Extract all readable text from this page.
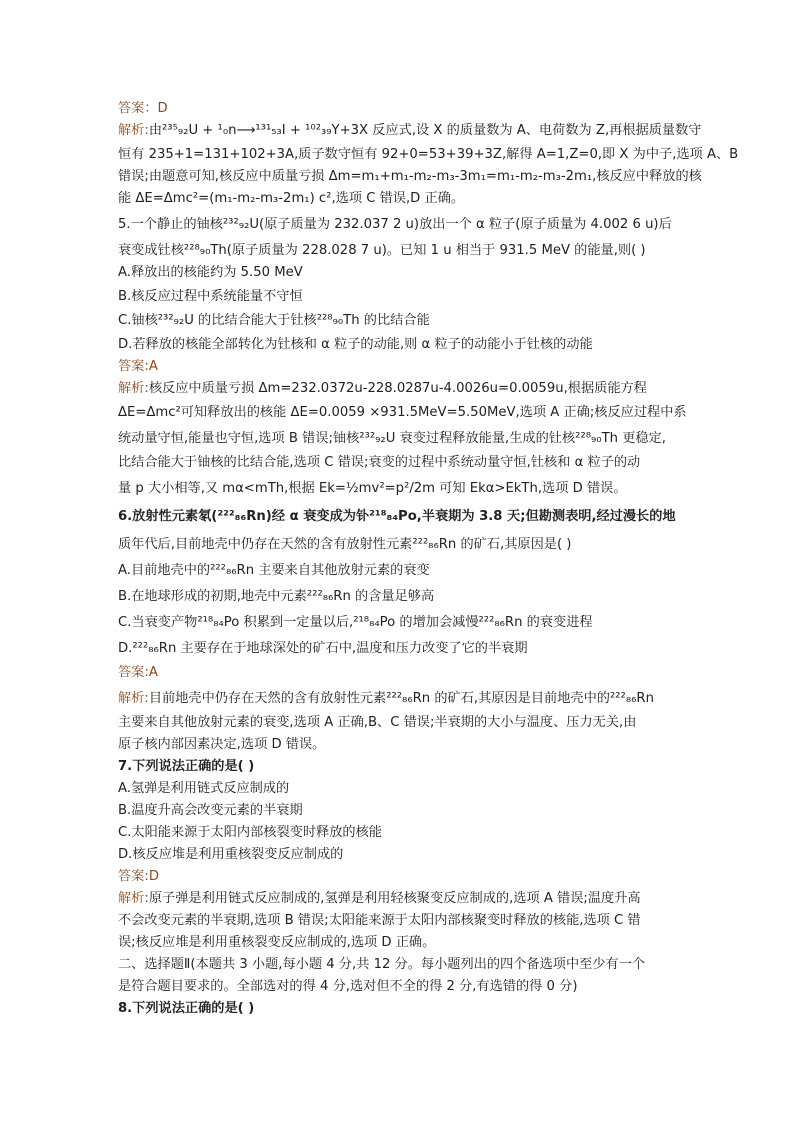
答案：D
解析:由²³⁵₉₂U + ¹₀n⟶¹³¹₅₃I + ¹⁰²₃₉Y+3X 反应式,设 X 的质量数为 A、电荷数为 Z,再根据质量数守
恒有 235+1=131+102+3A,质子数守恒有 92+0=53+39+3Z,解得 A=1,Z=0,即 X 为中子,选项 A、B
错误;由题意可知,核反应中质量亏损 Δm=m₁+m₁-m₂-m₃-3m₁=m₁-m₂-m₃-2m₁,核反应中释放的核
能 ΔE=Δmc²=(m₁-m₂-m₃-2m₁) c²,选项 C 错误,D 正确。
5.一个静止的铀核²³²₉₂U(原子质量为 232.037 2 u)放出一个 α 粒子(原子质量为 4.002 6 u)后
衰变成钍核²²⁸₉₀Th(原子质量为 228.028 7 u)。已知 1 u 相当于 931.5 MeV 的能量,则( )
A.释放出的核能约为 5.50 MeV
B.核反应过程中系统能量不守恒
C.铀核²³²₉₂U 的比结合能大于钍核²²⁸₉₀Th 的比结合能
D.若释放的核能全部转化为钍核和 α 粒子的动能,则 α 粒子的动能小于钍核的动能
答案:A
解析:核反应中质量亏损 Δm=232.0372u-228.0287u-4.0026u=0.0059u,根据质能方程
ΔE=Δmc²可知释放出的核能 ΔE=0.0059 ×931.5MeV=5.50MeV,选项 A 正确;核反应过程中系
统动量守恒,能量也守恒,选项 B 错误;铀核²³²₉₂U 衰变过程释放能量,生成的钍核²²⁸₉₀Th 更稳定,
比结合能大于铀核的比结合能,选项 C 错误;衰变的过程中系统动量守恒,钍核和 α 粒子的动
量 p 大小相等,又 mα<mTh,根据 Ek=½mv²=p²/2m 可知 Ekα>EkTh,选项 D 错误。
6.放射性元素氡(²²²₈₆Rn)经 α 衰变成为钋²¹⁸₈₄Po,半衰期为 3.8 天;但勘测表明,经过漫长的地
质年代后,目前地壳中仍存在天然的含有放射性元素²²²₈₆Rn 的矿石,其原因是( )
A.目前地壳中的²²²₈₆Rn 主要来自其他放射元素的衰变
B.在地球形成的初期,地壳中元素²²²₈₆Rn 的含量足够高
C.当衰变产物²¹⁸₈₄Po 积累到一定量以后,²¹⁸₈₄Po 的增加会减慢²²²₈₆Rn 的衰变进程
D.²²²₈₆Rn 主要存在于地球深处的矿石中,温度和压力改变了它的半衰期
答案:A
解析:目前地壳中仍存在天然的含有放射性元素²²²₈₆Rn 的矿石,其原因是目前地壳中的²²²₈₆Rn
主要来自其他放射元素的衰变,选项 A 正确,B、C 错误;半衰期的大小与温度、压力无关,由
原子核内部因素决定,选项 D 错误。
7.下列说法正确的是( )
A.氢弹是利用链式反应制成的
B.温度升高会改变元素的半衰期
C.太阳能来源于太阳内部核裂变时释放的核能
D.核反应堆是利用重核裂变反应制成的
答案:D
解析:原子弹是利用链式反应制成的,氢弹是利用轻核聚变反应制成的,选项 A 错误;温度升高
不会改变元素的半衰期,选项 B 错误;太阳能来源于太阳内部核聚变时释放的核能,选项 C 错
误;核反应堆是利用重核裂变反应制成的,选项 D 正确。
二、选择题Ⅱ(本题共 3 小题,每小题 4 分,共 12 分。每小题列出的四个备选项中至少有一个
是符合题目要求的。全部选对的得 4 分,选对但不全的得 2 分,有选错的得 0 分)
8.下列说法正确的是( )
